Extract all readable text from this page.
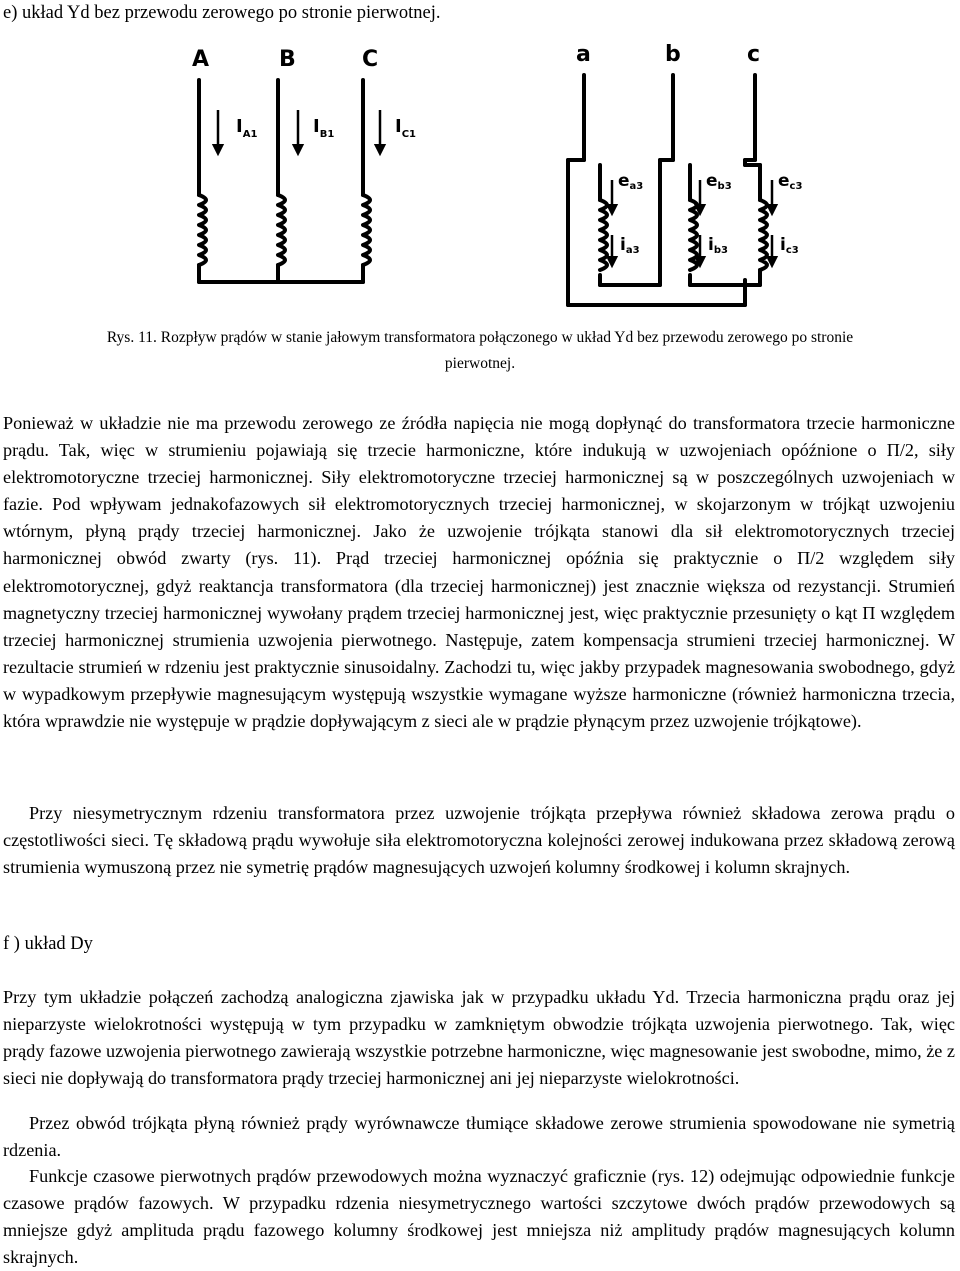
e) układ Yd bez przewodu zerowego po stronie pierwotnej.
A	B	C	a	b	c
$I_{A1}$	$I_{B1}$	$I_{C1}$
ea3	eb3	ec3
ia3	ib3	ic3
Rys. 11. Rozpływ prądów w stanie jałowym transformatora połączonego w układ Yd bez przewodu zerowego po stronie
pierwotnej.
Ponieważ w układzie nie ma przewodu zerowego ze źródła napięcia nie mogą dopłynąć do transformatora trzecie harmoniczne prądu. Tak, więc w strumieniu pojawiają się trzecie harmoniczne, które indukują w uzwojeniach opóźnione o Π/2, siły elektromotoryczne trzeciej harmonicznej. Siły elektromotoryczne trzeciej harmonicznej są w poszczególnych uzwojeniach w fazie. Pod wpływam jednakofazowych sił elektromotorycznych trzeciej harmonicznej, w skojarzonym w trójkąt uzwojeniu wtórnym, płyną prądy trzeciej harmonicznej. Jako że uzwojenie trójkąta stanowi dla sił elektromotorycznych trzeciej harmonicznej obwód zwarty (rys. 11). Prąd trzeciej harmonicznej opóźnia się praktycznie o Π/2 względem siły elektromotorycznej, gdyż reaktancja transformatora (dla trzeciej harmonicznej) jest znacznie większa od rezystancji. Strumień magnetyczny trzeciej harmonicznej wywołany prądem trzeciej harmonicznej jest, więc praktycznie przesunięty o kąt Π względem trzeciej harmonicznej strumienia uzwojenia pierwotnego. Następuje, zatem kompensacja strumieni trzeciej harmonicznej. W rezultacie strumień w rdzeniu jest praktycznie sinusoidalny. Zachodzi tu, więc jakby przypadek magnesowania swobodnego, gdyż w wypadkowym przepływie magnesującym występują wszystkie wymagane wyższe harmoniczne (również harmoniczna trzecia, która wprawdzie nie występuje w prądzie dopływającym z sieci ale w prądzie płynącym przez uzwojenie trójkątowe).
Przy niesymetrycznym rdzeniu transformatora przez uzwojenie trójkąta przepływa również składowa zerowa prądu o częstotliwości sieci. Tę składową prądu wywołuje siła elektromotoryczna kolejności zerowej indukowana przez składową zerową strumienia wymuszoną przez nie symetrię prądów magnesujących uzwojeń kolumny środkowej i kolumn skrajnych.
f ) układ Dy
Przy tym układzie połączeń zachodzą analogiczna zjawiska jak w przypadku układu Yd. Trzecia harmoniczna prądu oraz jej nieparzyste wielokrotności występują w tym przypadku w zamkniętym obwodzie trójkąta uzwojenia pierwotnego. Tak, więc prądy fazowe uzwojenia pierwotnego zawierają wszystkie potrzebne harmoniczne, więc magnesowanie jest swobodne, mimo, że z sieci nie dopływają do transformatora prądy trzeciej harmonicznej ani jej nieparzyste wielokrotności.
Przez obwód trójkąta płyną również prądy wyrównawcze tłumiące składowe zerowe strumienia spowodowane nie symetrią rdzenia.
Funkcje czasowe pierwotnych prądów przewodowych można wyznaczyć graficznie (rys. 12) odejmując odpowiednie funkcje czasowe prądów fazowych. W przypadku rdzenia niesymetrycznego wartości szczytowe dwóch prądów przewodowych są mniejsze gdyż amplituda prądu fazowego kolumny środkowej jest mniejsza niż amplitudy prądów magnesujących kolumn skrajnych.
